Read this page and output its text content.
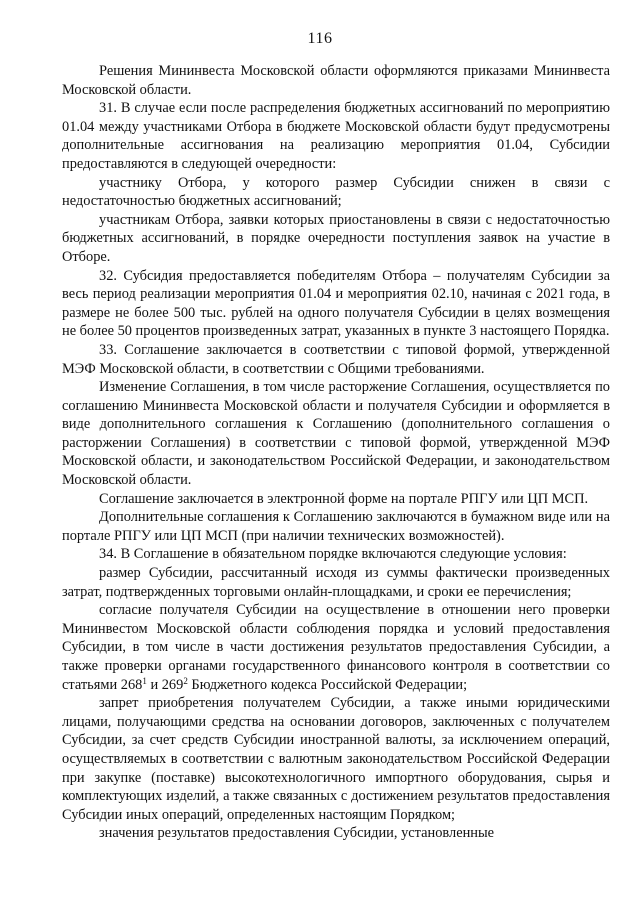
116

Решения Мининвеста Московской области оформляются приказами Мининвеста Московской области.

31. В случае если после распределения бюджетных ассигнований по мероприятию 01.04 между участниками Отбора в бюджете Московской области будут предусмотрены дополнительные ассигнования на реализацию мероприятия 01.04, Субсидии предоставляются в следующей очередности:

участнику Отбора, у которого размер Субсидии снижен в связи с недостаточностью бюджетных ассигнований;

участникам Отбора, заявки которых приостановлены в связи с недостаточностью бюджетных ассигнований, в порядке очередности поступления заявок на участие в Отборе.

32. Субсидия предоставляется победителям Отбора – получателям Субсидии за весь период реализации мероприятия 01.04 и мероприятия 02.10, начиная с 2021 года, в размере не более 500 тыс. рублей на одного получателя Субсидии в целях возмещения не более 50 процентов произведенных затрат, указанных в пункте 3 настоящего Порядка.

33. Соглашение заключается в соответствии с типовой формой, утвержденной МЭФ Московской области, в соответствии с Общими требованиями.

Изменение Соглашения, в том числе расторжение Соглашения, осуществляется по соглашению Мининвеста Московской области и получателя Субсидии и оформляется в виде дополнительного соглашения к Соглашению (дополнительного соглашения о расторжении Соглашения) в соответствии с типовой формой, утвержденной МЭФ Московской области, и законодательством Российской Федерации, и законодательством Московской области.

Соглашение заключается в электронной форме на портале РПГУ или ЦП МСП.

Дополнительные соглашения к Соглашению заключаются в бумажном виде или на портале РПГУ или ЦП МСП (при наличии технических возможностей).

34. В Соглашение в обязательном порядке включаются следующие условия:

размер Субсидии, рассчитанный исходя из суммы фактически произведенных затрат, подтвержденных торговыми онлайн-площадками, и сроки ее перечисления;

согласие получателя Субсидии на осуществление в отношении него проверки Мининвестом Московской области соблюдения порядка и условий предоставления Субсидии, в том числе в части достижения результатов предоставления Субсидии, а также проверки органами государственного финансового контроля в соответствии со статьями $268^1$ и $269^2$ Бюджетного кодекса Российской Федерации;

запрет приобретения получателем Субсидии, а также иными юридическими лицами, получающими средства на основании договоров, заключенных с получателем Субсидии, за счет средств Субсидии иностранной валюты, за исключением операций, осуществляемых в соответствии с валютным законодательством Российской Федерации при закупке (поставке) высокотехнологичного импортного оборудования, сырья и комплектующих изделий, а также связанных с достижением результатов предоставления Субсидии иных операций, определенных настоящим Порядком;

значения результатов предоставления Субсидии, установленные
